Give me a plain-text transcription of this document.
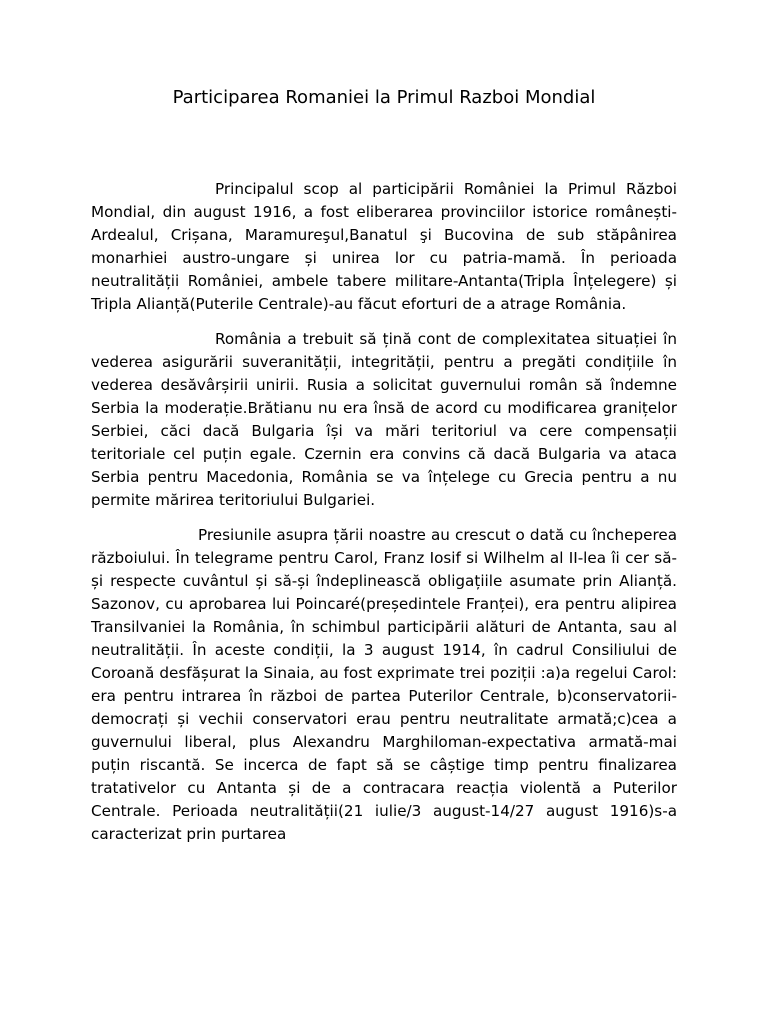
Participarea Romaniei la Primul Razboi Mondial

Principalul scop al participării României la Primul Război Mondial, din august 1916, a fost eliberarea provinciilor istorice românești-Ardealul, Crișana, Maramureşul,Banatul şi Bucovina de sub stăpânirea monarhiei austro-ungare și unirea lor cu patria-mamă. În perioada neutralității României, ambele tabere militare-Antanta(Tripla Înțelegere) și Tripla Alianță(Puterile Centrale)-au făcut eforturi de a atrage România.

România a trebuit să țină cont de complexitatea situației în vederea asigurării suveranității, integrității, pentru a pregăti condițiile în vederea desăvârșirii unirii. Rusia a solicitat guvernului român să îndemne Serbia la moderație.Brătianu nu era însă de acord cu modificarea granițelor Serbiei, căci dacă Bulgaria își va mări teritoriul va cere compensații teritoriale cel puțin egale. Czernin era convins că dacă Bulgaria va ataca Serbia pentru Macedonia, România se va înțelege cu Grecia pentru a nu permite mărirea teritoriului Bulgariei.

Presiunile asupra țării noastre au crescut o dată cu încheperea războiului. În telegrame pentru Carol, Franz Iosif si Wilhelm al II-lea îi cer să-și respecte cuvântul și să-și îndeplinească obligațiile asumate prin Alianță. Sazonov, cu aprobarea lui Poincaré(președintele Franței), era pentru alipirea Transilvaniei la România, în schimbul participării alături de Antanta, sau al neutralității. În aceste condiții, la 3 august 1914, în cadrul Consiliului de Coroană desfășurat la Sinaia, au fost exprimate trei poziții :a)a regelui Carol: era pentru intrarea în război de partea Puterilor Centrale, b)conservatorii-democrați și vechii conservatori erau pentru neutralitate armată;c)cea a guvernului liberal, plus Alexandru Marghiloman-expectativa armată-mai puțin riscantă. Se incerca de fapt să se câștige timp pentru finalizarea tratativelor cu Antanta și de a contracara reacția violentă a Puterilor Centrale. Perioada neutralității(21 iulie/3 august-14/27 august 1916)s-a caracterizat prin purtarea
